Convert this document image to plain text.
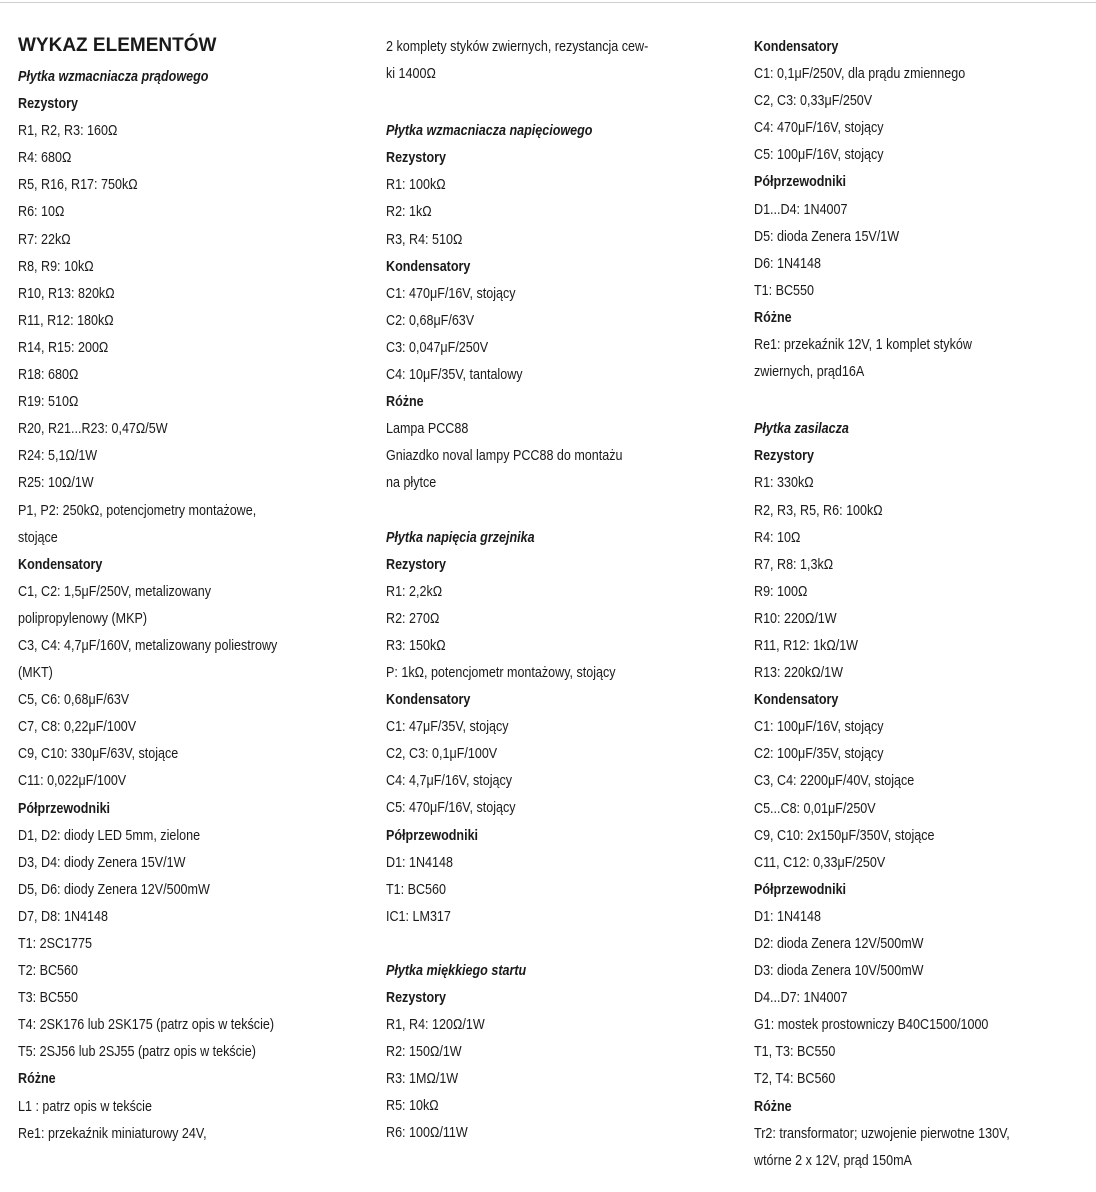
WYKAZ ELEMENTÓW
Płytka wzmacniacza prądowego
Rezystory
R1, R2, R3: 160Ω
R4: 680Ω
R5, R16, R17: 750kΩ
R6: 10Ω
R7: 22kΩ
R8, R9: 10kΩ
R10, R13: 820kΩ
R11, R12: 180kΩ
R14, R15: 200Ω
R18: 680Ω
R19: 510Ω
R20, R21...R23: 0,47Ω/5W
R24: 5,1Ω/1W
R25: 10Ω/1W
P1, P2: 250kΩ, potencjometry montażowe,
stojące
Kondensatory
C1, C2: 1,5μF/250V, metalizowany
polipropylenowy (MKP)
C3, C4: 4,7μF/160V, metalizowany poliestrowy
(MKT)
C5, C6: 0,68μF/63V
C7, C8: 0,22μF/100V
C9, C10: 330μF/63V, stojące
C11: 0,022μF/100V
Półprzewodniki
D1, D2: diody LED 5mm, zielone
D3, D4: diody Zenera 15V/1W
D5, D6: diody Zenera 12V/500mW
D7, D8: 1N4148
T1: 2SC1775
T2: BC560
T3: BC550
T4: 2SK176 lub 2SK175 (patrz opis w tekście)
T5: 2SJ56 lub 2SJ55 (patrz opis w tekście)
Różne
L1 : patrz opis w tekście
Re1: przekaźnik miniaturowy 24V,
2 komplety styków zwiernych, rezystancja cew-
ki 1400Ω
Płytka wzmacniacza napięciowego
Rezystory
R1: 100kΩ
R2: 1kΩ
R3, R4: 510Ω
Kondensatory
C1: 470μF/16V, stojący
C2: 0,68μF/63V
C3: 0,047μF/250V
C4: 10μF/35V, tantalowy
Różne
Lampa PCC88
Gniazdko noval lampy PCC88 do montażu
na płytce
Płytka napięcia grzejnika
Rezystory
R1: 2,2kΩ
R2: 270Ω
R3: 150kΩ
P: 1kΩ, potencjometr montażowy, stojący
Kondensatory
C1: 47μF/35V, stojący
C2, C3: 0,1μF/100V
C4: 4,7μF/16V, stojący
C5: 470μF/16V, stojący
Półprzewodniki
D1: 1N4148
T1: BC560
IC1: LM317
Płytka miękkiego startu
Rezystory
R1, R4: 120Ω/1W
R2: 150Ω/1W
R3: 1MΩ/1W
R5: 10kΩ
R6: 100Ω/11W
Kondensatory
C1: 0,1μF/250V, dla prądu zmiennego
C2, C3: 0,33μF/250V
C4: 470μF/16V, stojący
C5: 100μF/16V, stojący
Półprzewodniki
D1...D4: 1N4007
D5: dioda Zenera 15V/1W
D6: 1N4148
T1: BC550
Różne
Re1: przekaźnik 12V, 1 komplet styków
zwiernych, prąd16A
Płytka zasilacza
Rezystory
R1: 330kΩ
R2, R3, R5, R6: 100kΩ
R4: 10Ω
R7, R8: 1,3kΩ
R9: 100Ω
R10: 220Ω/1W
R11, R12: 1kΩ/1W
R13: 220kΩ/1W
Kondensatory
C1: 100μF/16V, stojący
C2: 100μF/35V, stojący
C3, C4: 2200μF/40V, stojące
C5...C8: 0,01μF/250V
C9, C10: 2x150μF/350V, stojące
C11, C12: 0,33μF/250V
Półprzewodniki
D1: 1N4148
D2: dioda Zenera 12V/500mW
D3: dioda Zenera 10V/500mW
D4...D7: 1N4007
G1: mostek prostowniczy B40C1500/1000
T1, T3: BC550
T2, T4: BC560
Różne
Tr2: transformator; uzwojenie pierwotne 130V,
wtórne 2 x 12V, prąd 150mA
